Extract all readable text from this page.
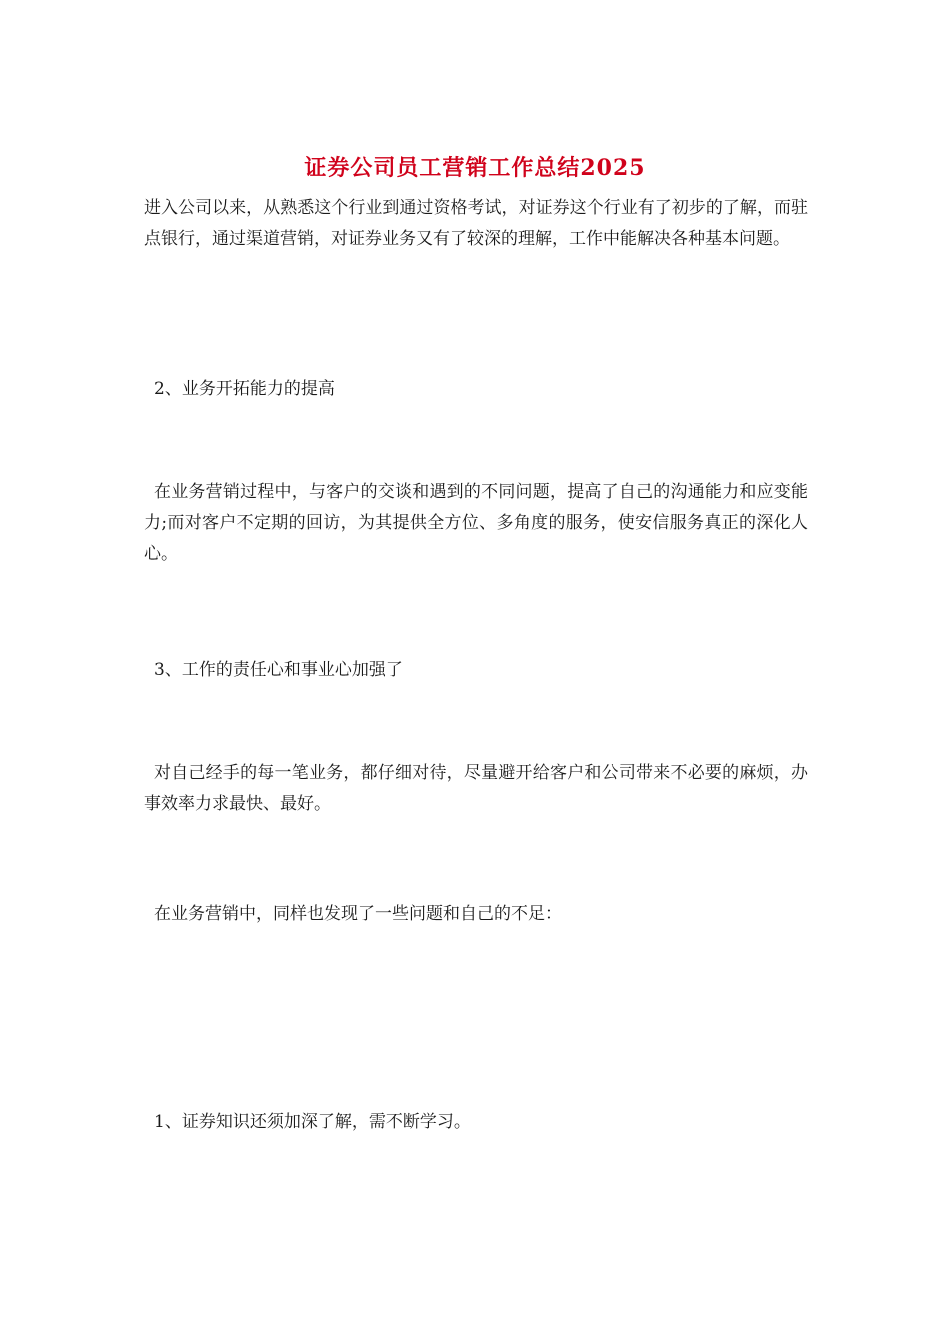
证券公司员工营销工作总结2025

进入公司以来，从熟悉这个行业到通过资格考试，对证券这个行业有了初步的了解，而驻点银行，通过渠道营销，对证券业务又有了较深的理解，工作中能解决各种基本问题。

2、业务开拓能力的提高

在业务营销过程中，与客户的交谈和遇到的不同问题，提高了自己的沟通能力和应变能力;而对客户不定期的回访，为其提供全方位、多角度的服务，使安信服务真正的深化人心。

3、工作的责任心和事业心加强了

对自己经手的每一笔业务，都仔细对待，尽量避开给客户和公司带来不必要的麻烦，办事效率力求最快、最好。

在业务营销中，同样也发现了一些问题和自己的不足：

1、证券知识还须加深了解，需不断学习。
